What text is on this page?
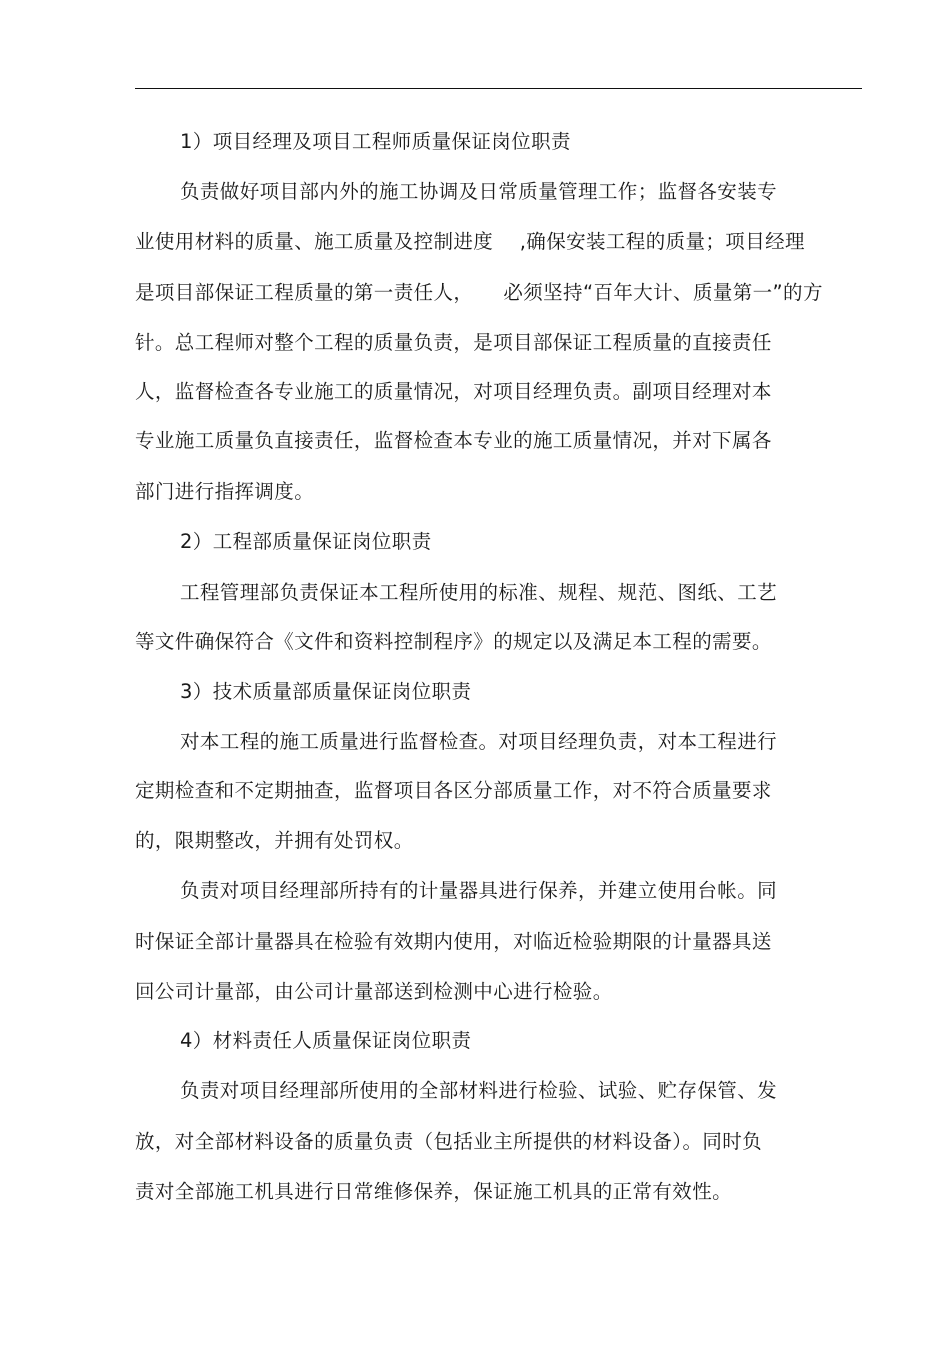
1）项目经理及项目工程师质量保证岗位职责
负责做好项目部内外的施工协调及日常质量管理工作；监督各安装专
业使用材料的质量、施工质量及控制进度　 ,确保安装工程的质量；项目经理
是项目部保证工程质量的第一责任人，　　必须坚持“百年大计、质量第一”的方
针。总工程师对整个工程的质量负责，是项目部保证工程质量的直接责任
人，监督检查各专业施工的质量情况，对项目经理负责。副项目经理对本
专业施工质量负直接责任，监督检查本专业的施工质量情况，并对下属各
部门进行指挥调度。
2）工程部质量保证岗位职责
工程管理部负责保证本工程所使用的标准、规程、规范、图纸、工艺
等文件确保符合《文件和资料控制程序》的规定以及满足本工程的需要。
3）技术质量部质量保证岗位职责
对本工程的施工质量进行监督检查。对项目经理负责，对本工程进行
定期检查和不定期抽查，监督项目各区分部质量工作，对不符合质量要求
的，限期整改，并拥有处罚权。
负责对项目经理部所持有的计量器具进行保养，并建立使用台帐。同
时保证全部计量器具在检验有效期内使用，对临近检验期限的计量器具送
回公司计量部，由公司计量部送到检测中心进行检验。
4）材料责任人质量保证岗位职责
负责对项目经理部所使用的全部材料进行检验、试验、贮存保管、发
放，对全部材料设备的质量负责（包括业主所提供的材料设备）。同时负
责对全部施工机具进行日常维修保养，保证施工机具的正常有效性。
